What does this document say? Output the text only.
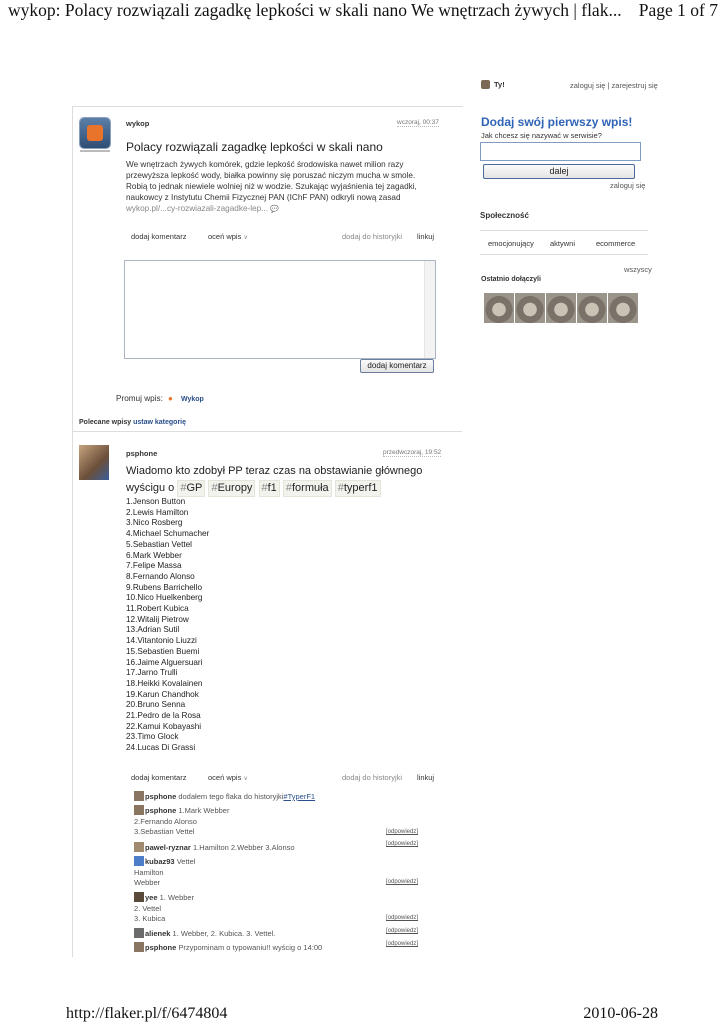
wykop: Polacy rozwiązali zagadkę lepkości w skali nano We wnętrzach żywych | flak... Page 1 of 7
Ty!	zaloguj się | zarejestruj się
wykop	wczoraj, 00:37
Polacy rozwiązali zagadkę lepkości w skali nano
We wnętrzach żywych komórek, gdzie lepkość środowiska nawet milion razy
przewyższa lepkość wody, białka powinny się poruszać niczym mucha w smole.
Robią to jednak niewiele wolniej niż w wodzie. Szukając wyjaśnienia tej zagadki,
naukowcy z Instytutu Chemii Fizycznej PAN (IChF PAN) odkryli nową zasad
wykop.pl/...cy-rozwiazali-zagadke-lep... 💬
dodaj komentarz	oceń wpis ∨	dodaj do historyjki linkuj
dodaj komentarz
Promuj wpis: ● Wykop
Polecane wpisy ustaw kategorię
psphone	przedwczoraj, 19:52
Wiadomo kto zdobył PP teraz czas na obstawianie głównego
wyścigu o #GP #Europy #f1 #formuła #typerf1
1.Jenson Button
2.Lewis Hamilton
3.Nico Rosberg
4.Michael Schumacher
5.Sebastian Vettel
6.Mark Webber
7.Felipe Massa
8.Fernando Alonso
9.Rubens Barrichello
10.Nico Huelkenberg
11.Robert Kubica
12.Witalij Pietrow
13.Adrian Sutil
14.Vitantonio Liuzzi
15.Sebastien Buemi
16.Jaime Alguersuari
17.Jarno Trulli
18.Heikki Kovalainen
19.Karun Chandhok
20.Bruno Senna
21.Pedro de la Rosa
22.Kamui Kobayashi
23.Timo Glock
24.Lucas Di Grassi
dodaj komentarz	oceń wpis ∨	dodaj do historyjki linkuj
psphone dodałem tego flaka do historyjki#TyperF1
psphone 1.Mark Webber
2.Fernando Alonso
3.Sebastian Vettel	[odpowiedz]
pawel-ryznar 1.Hamilton 2.Webber 3.Alonso	[odpowiedz]
kubaz93 Vettel
Hamilton
Webber	[odpowiedz]
yee 1. Webber
2. Vettel
3. Kubica	[odpowiedz]
alienek 1. Webber, 2. Kubica. 3. Vettel.	[odpowiedz]
psphone Przypominam o typowaniu!! wyścig o 14:00	[odpowiedz]
Dodaj swój pierwszy wpis!
Jak chcesz się nazywać w serwisie?
dalej
zaloguj się
Społeczność
emocjonujący aktywni	ecommerce
wszyscy
Ostatnio dołączyli
http://flaker.pl/f/6474804	2010-06-28
